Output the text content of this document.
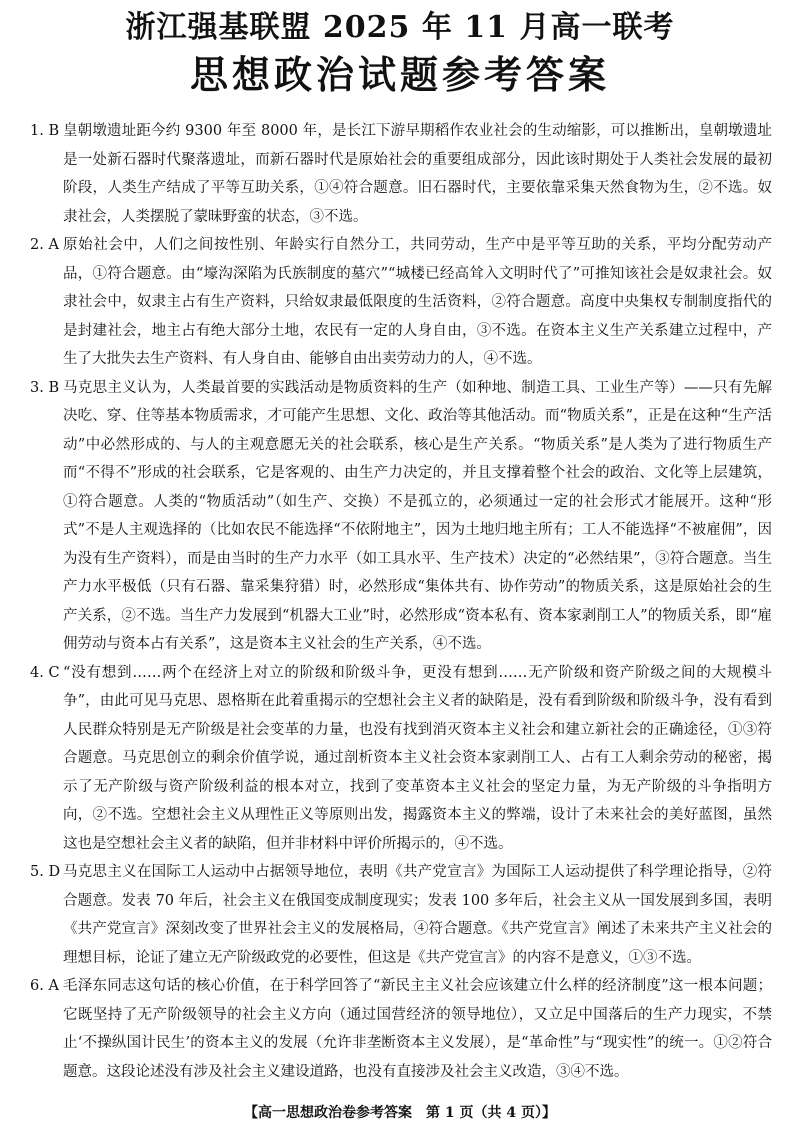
浙江强基联盟 2025 年 11 月高一联考
思想政治试题参考答案
1. B 皇朝墩遗址距今约 9300 年至 8000 年，是长江下游早期稻作农业社会的生动缩影，可以推断出，皇朝墩遗址是一处新石器时代聚落遗址，而新石器时代是原始社会的重要组成部分，因此该时期处于人类社会发展的最初阶段，人类生产结成了平等互助关系，①④符合题意。旧石器时代，主要依靠采集天然食物为生，②不选。奴隶社会，人类摆脱了蒙昧野蛮的状态，③不选。
2. A 原始社会中，人们之间按性别、年龄实行自然分工，共同劳动，生产中是平等互助的关系，平均分配劳动产品，①符合题意。由“壕沟深陷为氏族制度的墓穴”“城楼已经高耸入文明时代了”可推知该社会是奴隶社会。奴隶社会中，奴隶主占有生产资料，只给奴隶最低限度的生活资料，②符合题意。高度中央集权专制制度指代的是封建社会，地主占有绝大部分土地，农民有一定的人身自由，③不选。在资本主义生产关系建立过程中，产生了大批失去生产资料、有人身自由、能够自由出卖劳动力的人，④不选。
3. B 马克思主义认为，人类最首要的实践活动是物质资料的生产（如种地、制造工具、工业生产等）——只有先解决吃、穿、住等基本物质需求，才可能产生思想、文化、政治等其他活动。而“物质关系”，正是在这种“生产活动”中必然形成的、与人的主观意愿无关的社会联系，核心是生产关系。“物质关系”是人类为了进行物质生产而“不得不”形成的社会联系，它是客观的、由生产力决定的，并且支撑着整个社会的政治、文化等上层建筑，①符合题意。人类的“物质活动”（如生产、交换）不是孤立的，必须通过一定的社会形式才能展开。这种“形式”不是人主观选择的（比如农民不能选择“不依附地主”，因为土地归地主所有；工人不能选择“不被雇佣”，因为没有生产资料），而是由当时的生产力水平（如工具水平、生产技术）决定的“必然结果”，③符合题意。当生产力水平极低（只有石器、靠采集狩猎）时，必然形成“集体共有、协作劳动”的物质关系，这是原始社会的生产关系，②不选。当生产力发展到“机器大工业”时，必然形成“资本私有、资本家剥削工人”的物质关系，即“雇佣劳动与资本占有关系”，这是资本主义社会的生产关系，④不选。
4. C “没有想到……两个在经济上对立的阶级和阶级斗争，更没有想到……无产阶级和资产阶级之间的大规模斗争”，由此可见马克思、恩格斯在此着重揭示的空想社会主义者的缺陷是，没有看到阶级和阶级斗争，没有看到人民群众特别是无产阶级是社会变革的力量，也没有找到消灭资本主义社会和建立新社会的正确途径，①③符合题意。马克思创立的剩余价值学说，通过剖析资本主义社会资本家剥削工人、占有工人剩余劳动的秘密，揭示了无产阶级与资产阶级利益的根本对立，找到了变革资本主义社会的坚定力量，为无产阶级的斗争指明方向，②不选。空想社会主义从理性正义等原则出发，揭露资本主义的弊端，设计了未来社会的美好蓝图，虽然这也是空想社会主义者的缺陷，但并非材料中评价所揭示的，④不选。
5. D 马克思主义在国际工人运动中占据领导地位，表明《共产党宣言》为国际工人运动提供了科学理论指导，②符合题意。发表 70 年后，社会主义在俄国变成制度现实；发表 100 多年后，社会主义从一国发展到多国，表明《共产党宣言》深刻改变了世界社会主义的发展格局，④符合题意。《共产党宣言》阐述了未来共产主义社会的理想目标，论证了建立无产阶级政党的必要性，但这是《共产党宣言》的内容不是意义，①③不选。
6. A 毛泽东同志这句话的核心价值，在于科学回答了“新民主主义社会应该建立什么样的经济制度”这一根本问题；它既坚持了无产阶级领导的社会主义方向（通过国营经济的领导地位），又立足中国落后的生产力现实，不禁止‘不操纵国计民生’的资本主义的发展（允许非垄断资本主义发展），是“革命性”与“现实性”的统一。①②符合题意。这段论述没有涉及社会主义建设道路，也没有直接涉及社会主义改造，③④不选。
【高一思想政治卷参考答案　第 1 页（共 4 页）】
